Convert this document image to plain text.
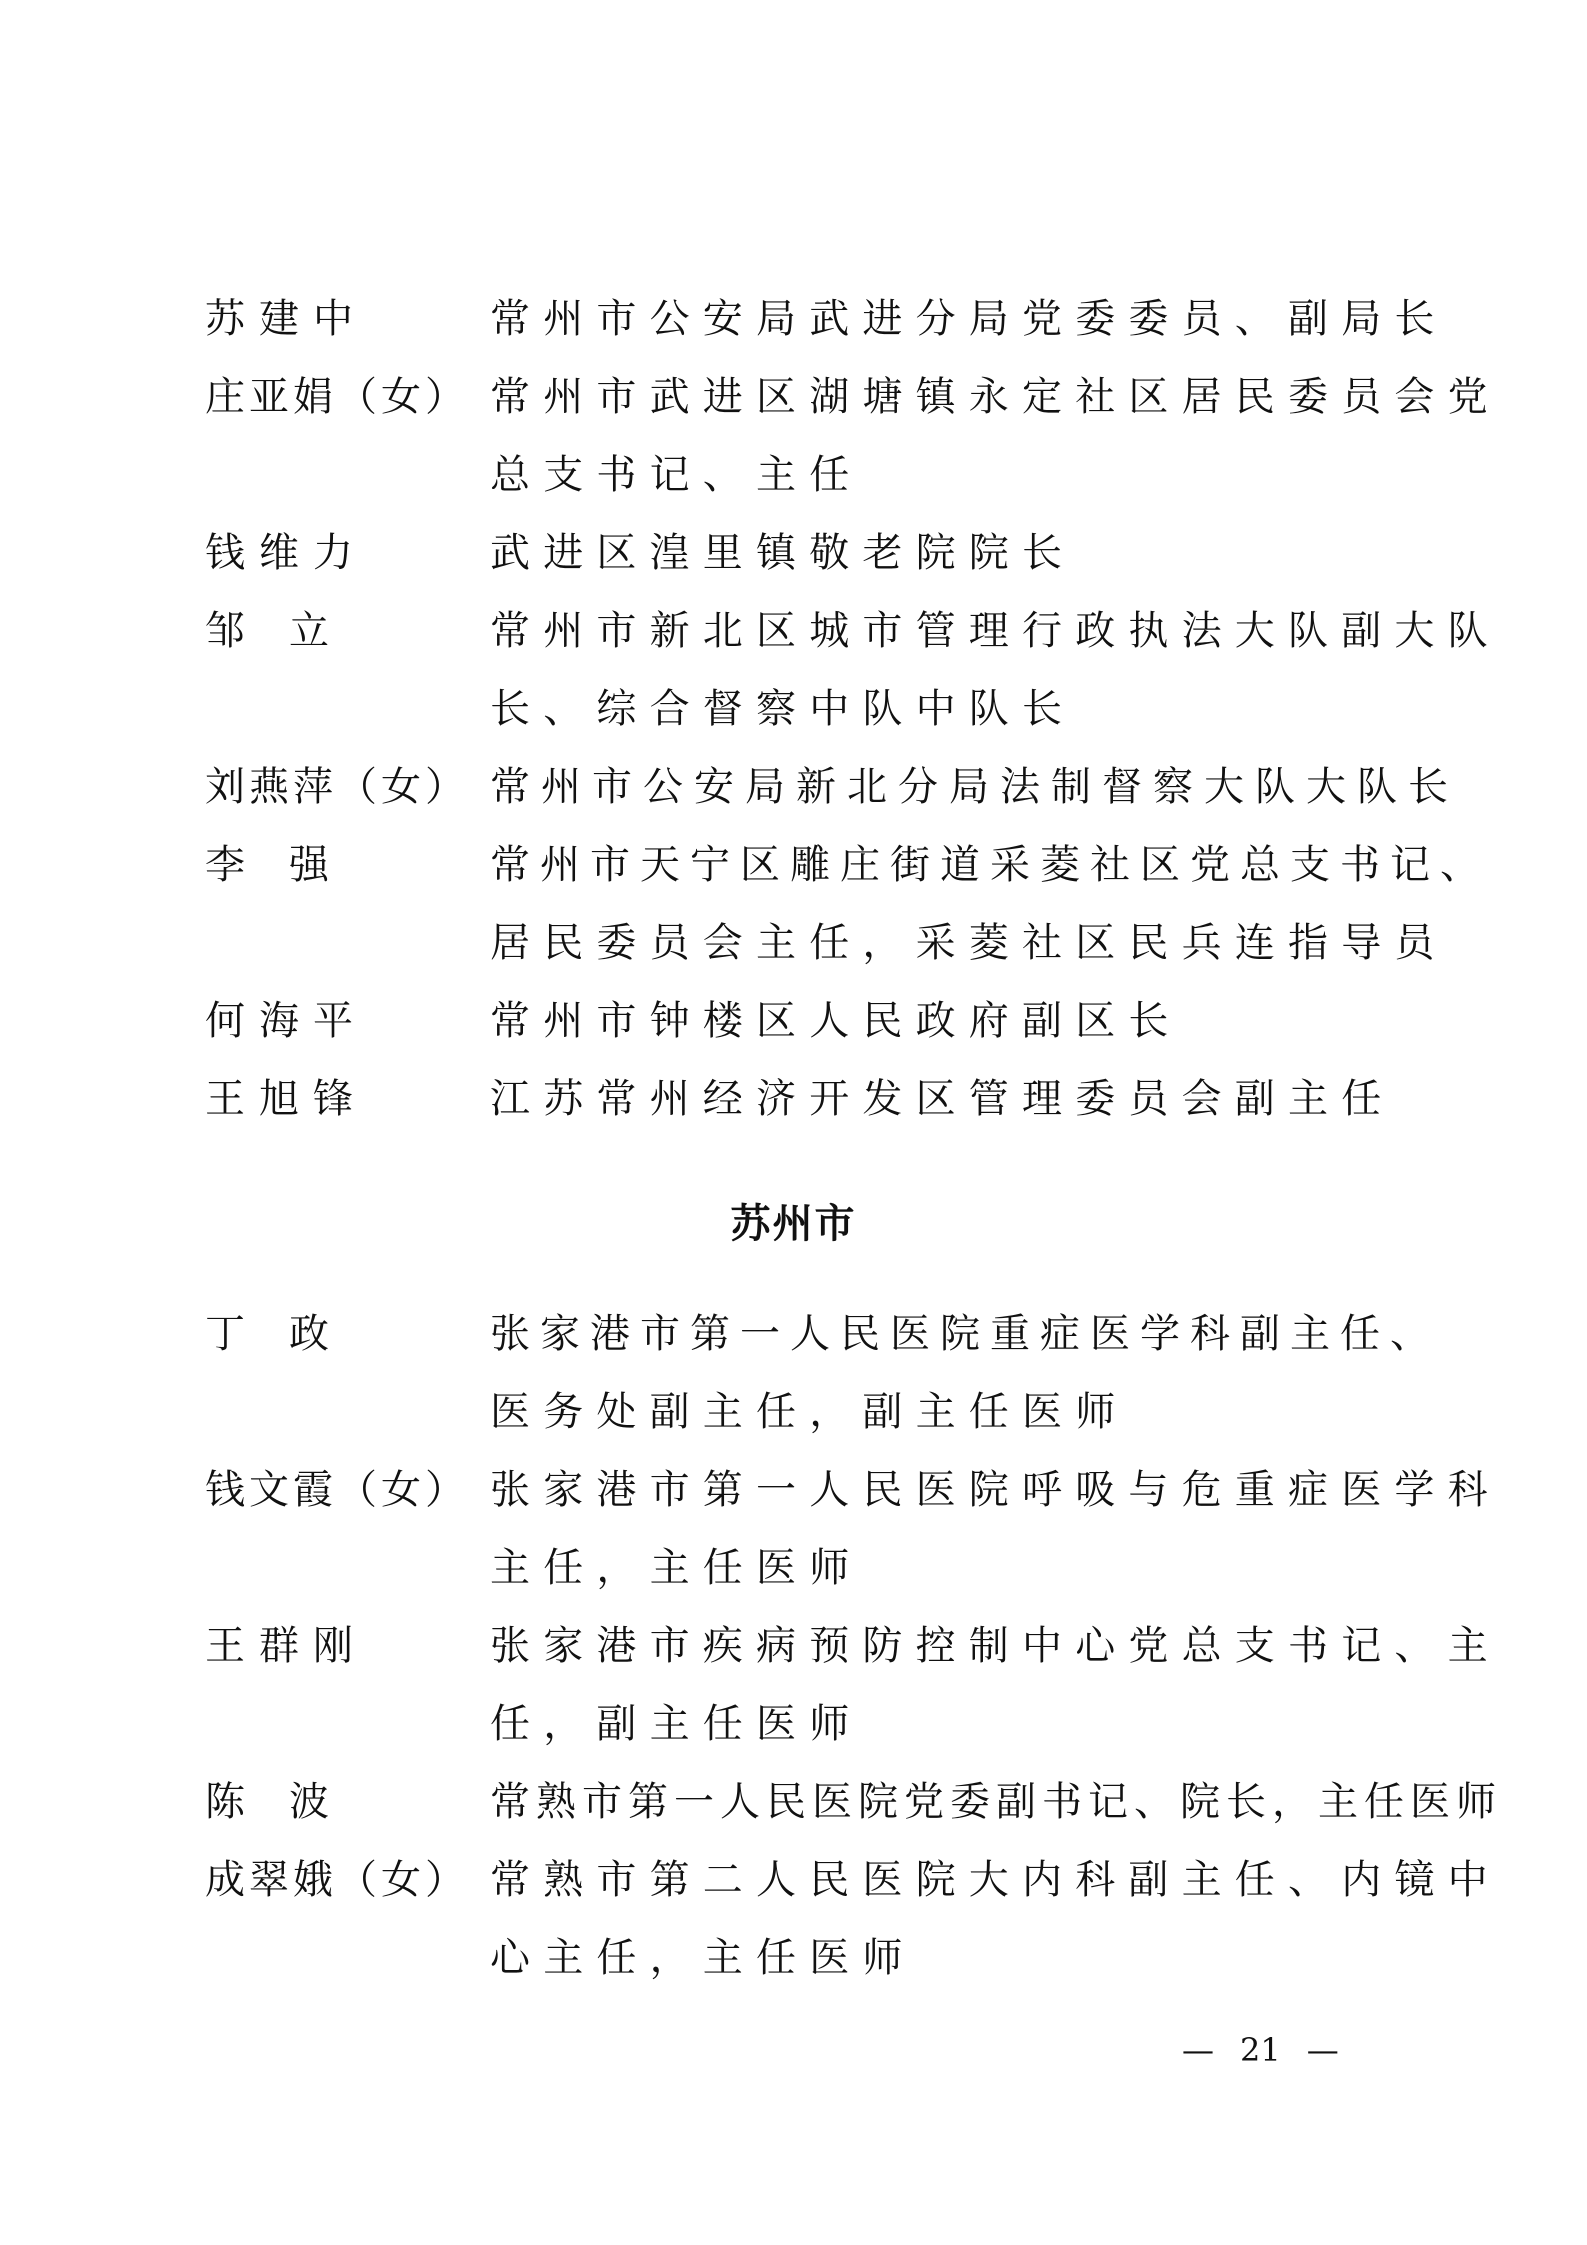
苏建中	常州市公安局武进分局党委委员、副局长
庄亚娟（女） 常州市武进区湖塘镇永定社区居民委员会党
总支书记、主任
钱维力	武进区湟里镇敬老院院长
邹　立	常州市新北区城市管理行政执法大队副大队
长、综合督察中队中队长
刘燕萍（女） 常州市公安局新北分局法制督察大队大队长
李　强	常州市天宁区雕庄街道采菱社区党总支书记、
居民委员会主任，采菱社区民兵连指导员
何海平	常州市钟楼区人民政府副区长
王旭锋	江苏常州经济开发区管理委员会副主任
苏州市
丁　政	张家港市第一人民医院重症医学科副主任、
医务处副主任，副主任医师
钱文霞（女） 张家港市第一人民医院呼吸与危重症医学科
主任，主任医师
王群刚	张家港市疾病预防控制中心党总支书记、主
任，副主任医师
陈　波	常熟市第一人民医院党委副书记、院长，主任医师
成翠娥（女） 常熟市第二人民医院大内科副主任、内镜中
心主任，主任医师
— 21 —
